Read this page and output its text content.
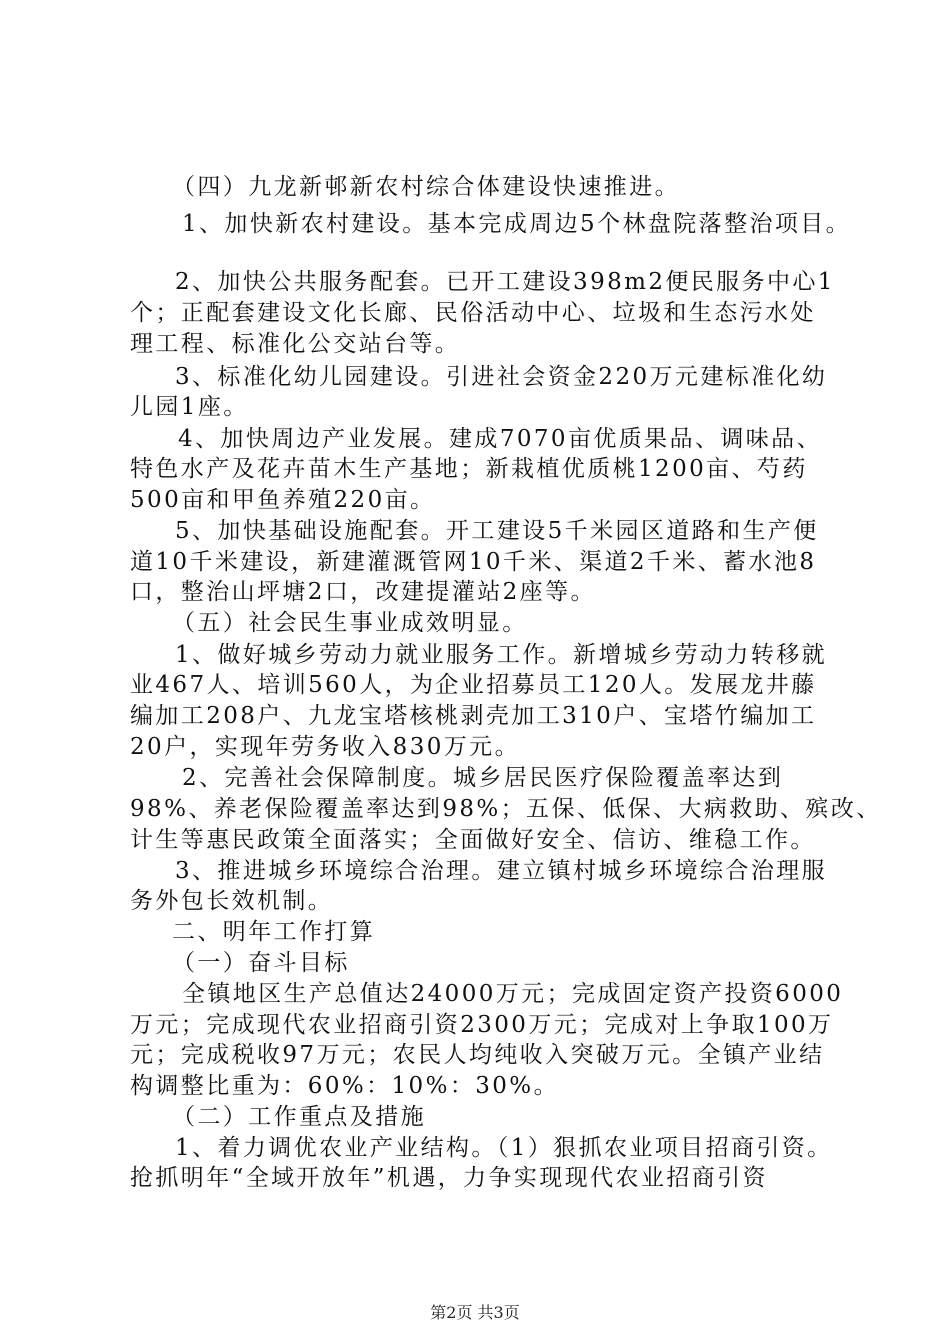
（四）九龙新邨新农村综合体建设快速推进。
1、加快新农村建设。基本完成周边5个林盘院落整治项目。
2、加快公共服务配套。已开工建设398m2便民服务中心1
个；正配套建设文化长廊、民俗活动中心、垃圾和生态污水处
理工程、标准化公交站台等。
3、标准化幼儿园建设。引进社会资金220万元建标准化幼
儿园1座。
4、加快周边产业发展。建成7070亩优质果品、调味品、
特色水产及花卉苗木生产基地；新栽植优质桃1200亩、芍药
500亩和甲鱼养殖220亩。
5、加快基础设施配套。开工建设5千米园区道路和生产便
道10千米建设，新建灌溉管网10千米、渠道2千米、蓄水池8
口，整治山坪塘2口，改建提灌站2座等。
（五）社会民生事业成效明显。
1、做好城乡劳动力就业服务工作。新增城乡劳动力转移就
业467人、培训560人，为企业招募员工120人。发展龙井藤
编加工208户、九龙宝塔核桃剥壳加工310户、宝塔竹编加工
20户，实现年劳务收入830万元。
2、完善社会保障制度。城乡居民医疗保险覆盖率达到
98%、养老保险覆盖率达到98%；五保、低保、大病救助、殡改、
计生等惠民政策全面落实；全面做好安全、信访、维稳工作。
3、推进城乡环境综合治理。建立镇村城乡环境综合治理服
务外包长效机制。
二、明年工作打算
（一）奋斗目标
全镇地区生产总值达24000万元；完成固定资产投资6000
万元；完成现代农业招商引资2300万元；完成对上争取100万
元；完成税收97万元；农民人均纯收入突破万元。全镇产业结
构调整比重为：60%：10%：30%。
（二）工作重点及措施
1、着力调优农业产业结构。（1）狠抓农业项目招商引资。
抢抓明年“全域开放年”机遇，力争实现现代农业招商引资
第2页 共3页
